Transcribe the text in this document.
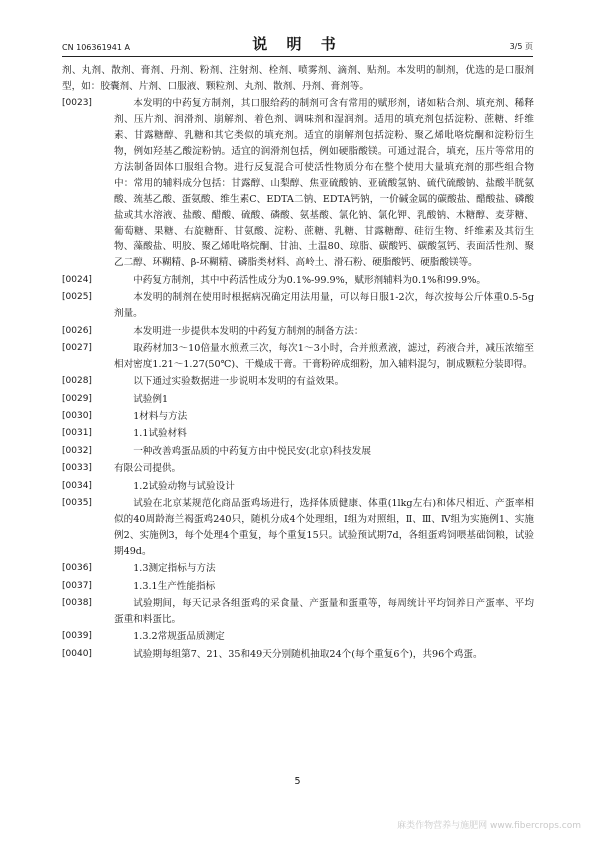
CN 106361941 A	说 明 书	3/5 页

剂、丸剂、散剂、膏剂、丹剂、粉剂、注射剂、栓剂、喷雾剂、滴剂、贴剂。本发明的制剂，优选的是口服剂型，如：胶囊剂、片剂、口服液、颗粒剂、丸剂、散剂、丹剂、膏剂等。

[0023]	本发明的中药复方制剂，其口服给药的制剂可含有常用的赋形剂，诸如粘合剂、填充剂、稀释剂、压片剂、润滑剂、崩解剂、着色剂、调味剂和湿润剂。适用的填充剂包括淀粉、蔗糖、纤维素、甘露糖醇、乳糖和其它类似的填充剂。适宜的崩解剂包括淀粉、聚乙烯吡咯烷酮和淀粉衍生物，例如羟基乙酸淀粉钠。适宜的润滑剂包括，例如硬脂酸镁。可通过混合，填充，压片等常用的方法制备固体口服组合物。进行反复混合可使活性物质分布在整个使用大量填充剂的那些组合物中：常用的辅料成分包括：甘露醇、山梨醇、焦亚硫酸钠、亚硫酸氢钠、硫代硫酸钠、盐酸半胱氨酸、巯基乙酸、蛋氨酸、维生素C、EDTA二钠、EDTA钙钠，一价碱金属的碳酸盐、醋酸盐、磷酸盐或其水溶液、盐酸、醋酸、硫酸、磷酸、氨基酸、氯化钠、氯化钾、乳酸钠、木糖醇、麦芽糖、葡萄糖、果糖、右旋糖酐、甘氨酸、淀粉、蔗糖、乳糖、甘露糖醇、硅衍生物、纤维素及其衍生物、藻酸盐、明胶、聚乙烯吡咯烷酮、甘油、土温80、琼脂、碳酸钙、碳酸氢钙、表面活性剂、聚乙二醇、环糊精、β-环糊精、磷脂类材料、高岭土、滑石粉、硬脂酸钙、硬脂酸镁等。

[0024]	中药复方制剂，其中中药活性成分为0.1%-99.9%，赋形剂辅料为0.1%和99.9%。

[0025]	本发明的制剂在使用时根据病况确定用法用量，可以每日服1-2次，每次按每公斤体重0.5-5g剂量。

[0026]	本发明进一步提供本发明的中药复方制剂的制备方法：

[0027]	取药材加3～10倍量水煎煮三次，每次1～3小时，合并煎煮液，滤过，药液合并，减压浓缩至相对密度1.21～1.27(50℃)、干燥成干膏。干膏粉碎成细粉，加入辅料混匀，制成颗粒分装即得。

[0028]	以下通过实验数据进一步说明本发明的有益效果。

[0029]	试验例1

[0030]	1材料与方法

[0031]	1.1试验材料

[0032]	一种改善鸡蛋品质的中药复方由中悦民安(北京)科技发展

[0033] 有限公司提供。

[0034]	1.2试验动物与试验设计

[0035]	试验在北京某规范化商品蛋鸡场进行，选择体质健康、体重(1lkg左右)和体尺相近、产蛋率相似的40周龄海兰褐蛋鸡240只，随机分成4个处理组，I组为对照组，Ⅱ、Ⅲ、Ⅳ组为实施例1、实施例2、实施例3，每个处理4个重复，每个重复15只。试验预试期7d，各组蛋鸡饲喂基础饲粮，试验期49d。

[0036]	1.3测定指标与方法

[0037]	1.3.1生产性能指标

[0038]	试验期间，每天记录各组蛋鸡的采食量、产蛋量和蛋重等，每周统计平均饲养日产蛋率、平均蛋重和料蛋比。

[0039]	1.3.2常规蛋品质测定

[0040]	试验期每组第7、21、35和49天分别随机抽取24个(每个重复6个)，共96个鸡蛋。

5
麻类作物营养与施肥网 www.fibercrops.com
